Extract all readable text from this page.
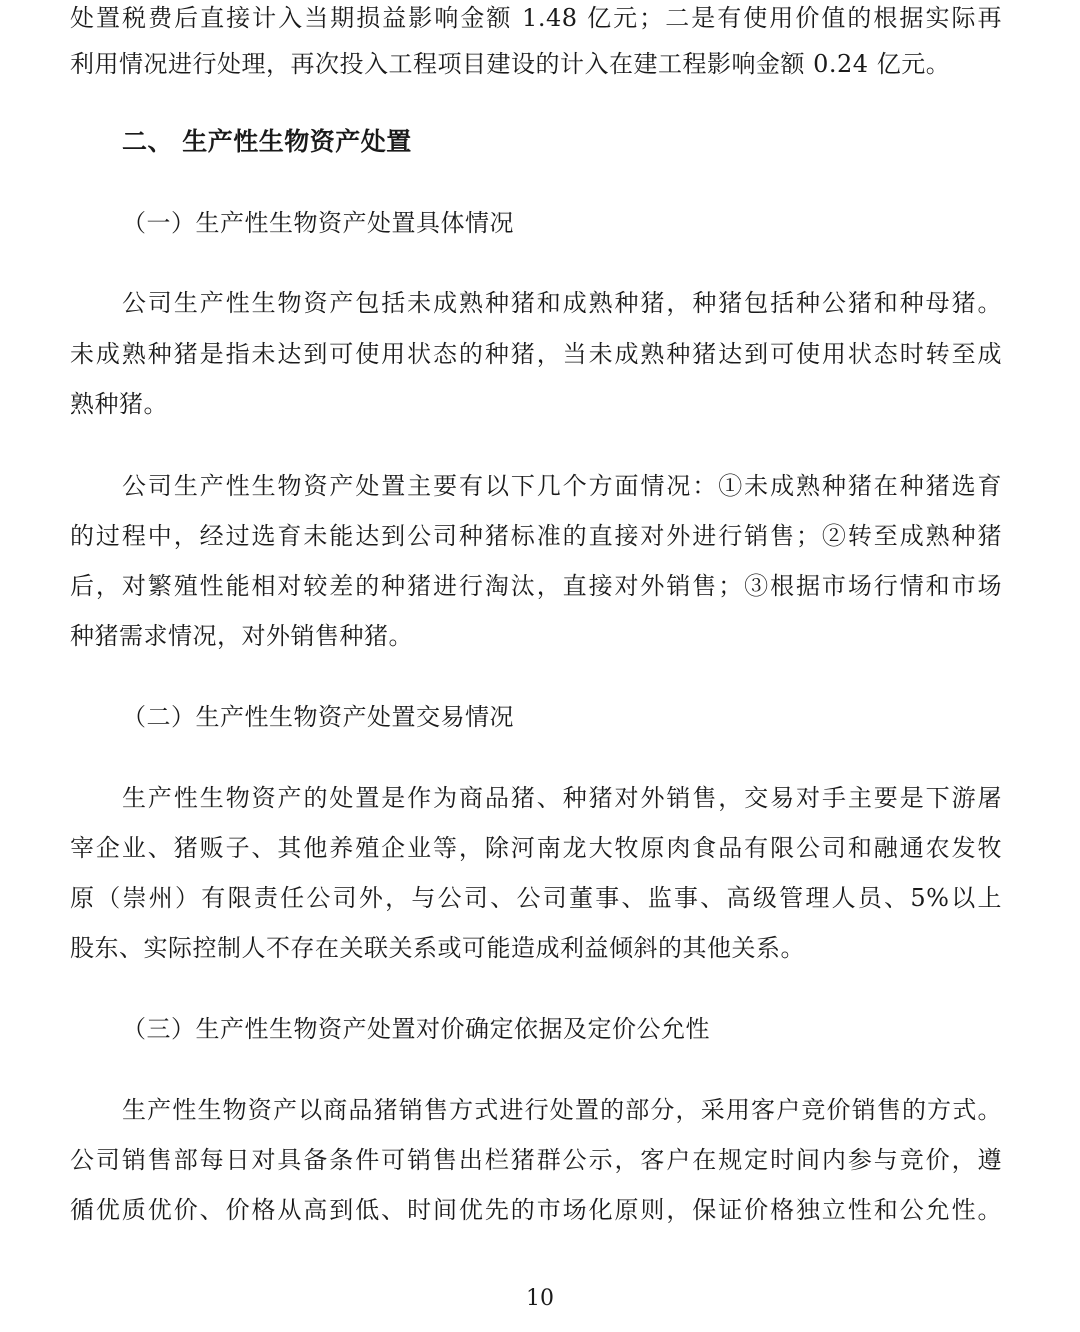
处置税费后直接计入当期损益影响金额 1.48 亿元；二是有使用价值的根据实际再
利用情况进行处理，再次投入工程项目建设的计入在建工程影响金额 0.24 亿元。
二、 生产性生物资产处置
（一）生产性生物资产处置具体情况
公司生产性生物资产包括未成熟种猪和成熟种猪，种猪包括种公猪和种母猪。
未成熟种猪是指未达到可使用状态的种猪，当未成熟种猪达到可使用状态时转至成
熟种猪。
公司生产性生物资产处置主要有以下几个方面情况：①未成熟种猪在种猪选育
的过程中，经过选育未能达到公司种猪标准的直接对外进行销售；②转至成熟种猪
后，对繁殖性能相对较差的种猪进行淘汰，直接对外销售；③根据市场行情和市场
种猪需求情况，对外销售种猪。
（二）生产性生物资产处置交易情况
生产性生物资产的处置是作为商品猪、种猪对外销售，交易对手主要是下游屠
宰企业、猪贩子、其他养殖企业等，除河南龙大牧原肉食品有限公司和融通农发牧
原（崇州）有限责任公司外，与公司、公司董事、监事、高级管理人员、5%以上
股东、实际控制人不存在关联关系或可能造成利益倾斜的其他关系。
（三）生产性生物资产处置对价确定依据及定价公允性
生产性生物资产以商品猪销售方式进行处置的部分，采用客户竞价销售的方式。
公司销售部每日对具备条件可销售出栏猪群公示，客户在规定时间内参与竞价，遵
循优质优价、价格从高到低、时间优先的市场化原则，保证价格独立性和公允性。
10
